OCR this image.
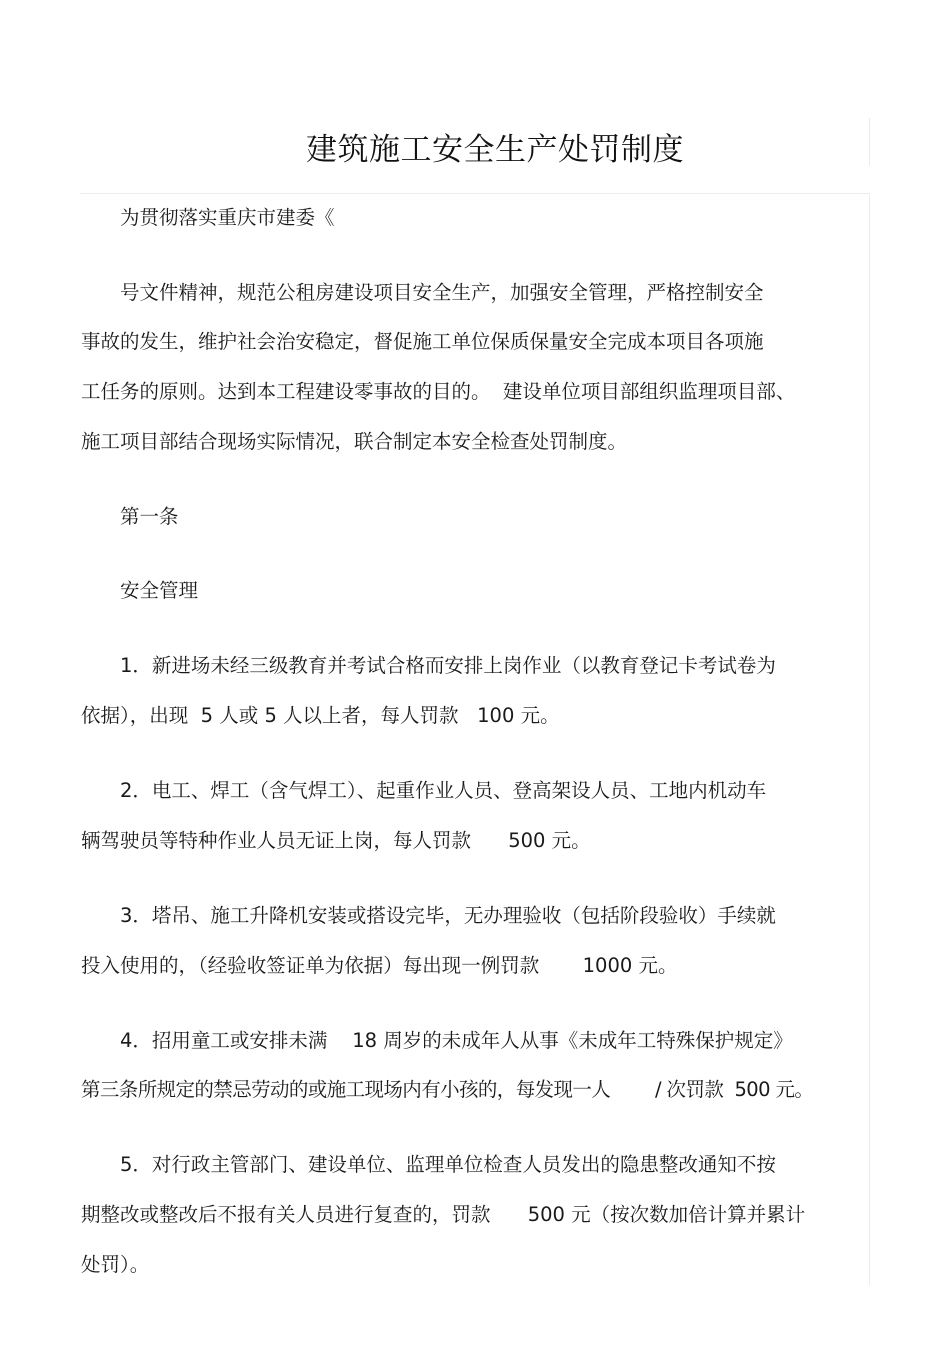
建筑施工安全生产处罚制度
为贯彻落实重庆市建委《
号文件精神，规范公租房建设项目安全生产，加强安全管理，严格控制安全
事故的发生，维护社会治安稳定，督促施工单位保质保量安全完成本项目各项施
工任务的原则。达到本工程建设零事故的目的。  建设单位项目部组织监理项目部、
施工项目部结合现场实际情况，联合制定本安全检查处罚制度。
第一条
安全管理
1．新进场未经三级教育并考试合格而安排上岗作业（以教育登记卡考试卷为
依据），出现  5 人或 5 人以上者，每人罚款   100 元。
2．电工、焊工（含气焊工）、起重作业人员、登高架设人员、工地内机动车
辆驾驶员等特种作业人员无证上岗，每人罚款      500 元。
3．塔吊、施工升降机安装或搭设完毕，无办理验收（包括阶段验收）手续就
投入使用的，（经验收签证单为依据）每出现一例罚款       1000 元。
4．招用童工或安排未满    18 周岁的未成年人从事《未成年工特殊保护规定》
第三条所规定的禁忌劳动的或施工现场内有小孩的，每发现一人        / 次罚款  500 元。
5．对行政主管部门、建设单位、监理单位检查人员发出的隐患整改通知不按
期整改或整改后不报有关人员进行复查的，罚款      500 元（按次数加倍计算并累计
处罚）。
